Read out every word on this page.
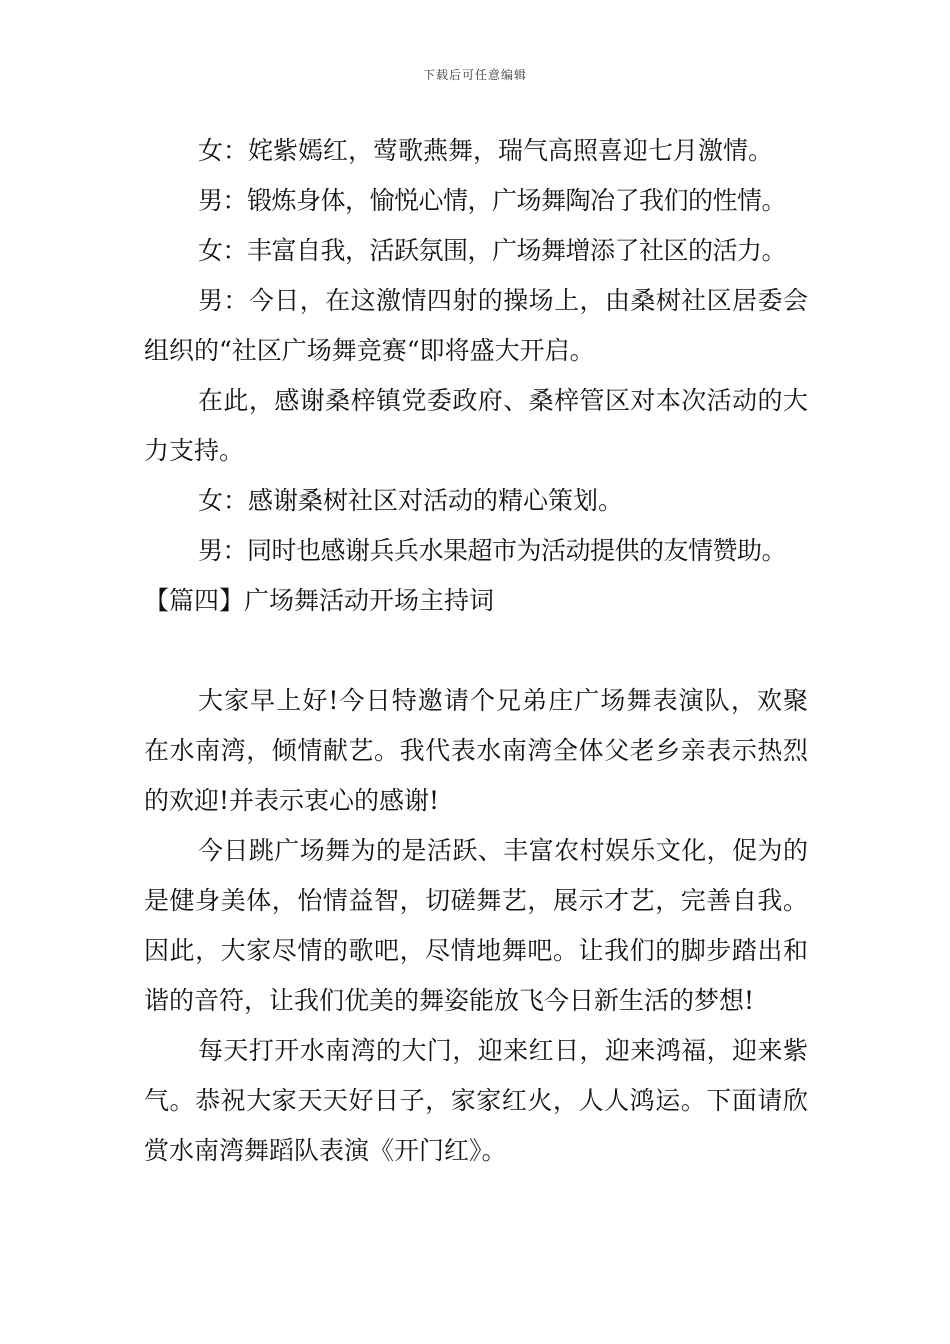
下载后可任意编辑

女：姹紫嫣红，莺歌燕舞，瑞气高照喜迎七月激情。

男：锻炼身体，愉悦心情，广场舞陶冶了我们的性情。

女：丰富自我，活跃氛围，广场舞增添了社区的活力。

男：今日，在这激情四射的操场上，由桑树社区居委会组织的“社区广场舞竞赛“即将盛大开启。

在此，感谢桑梓镇党委政府、桑梓管区对本次活动的大力支持。

女：感谢桑树社区对活动的精心策划。

男：同时也感谢兵兵水果超市为活动提供的友情赞助。

【篇四】广场舞活动开场主持词

大家早上好!今日特邀请个兄弟庄广场舞表演队，欢聚在水南湾，倾情献艺。我代表水南湾全体父老乡亲表示热烈的欢迎!并表示衷心的感谢!

今日跳广场舞为的是活跃、丰富农村娱乐文化，促为的是健身美体，怡情益智，切磋舞艺，展示才艺，完善自我。因此，大家尽情的歌吧，尽情地舞吧。让我们的脚步踏出和谐的音符，让我们优美的舞姿能放飞今日新生活的梦想!

每天打开水南湾的大门，迎来红日，迎来鸿福，迎来紫气。恭祝大家天天好日子，家家红火，人人鸿运。下面请欣赏水南湾舞蹈队表演《开门红》。
